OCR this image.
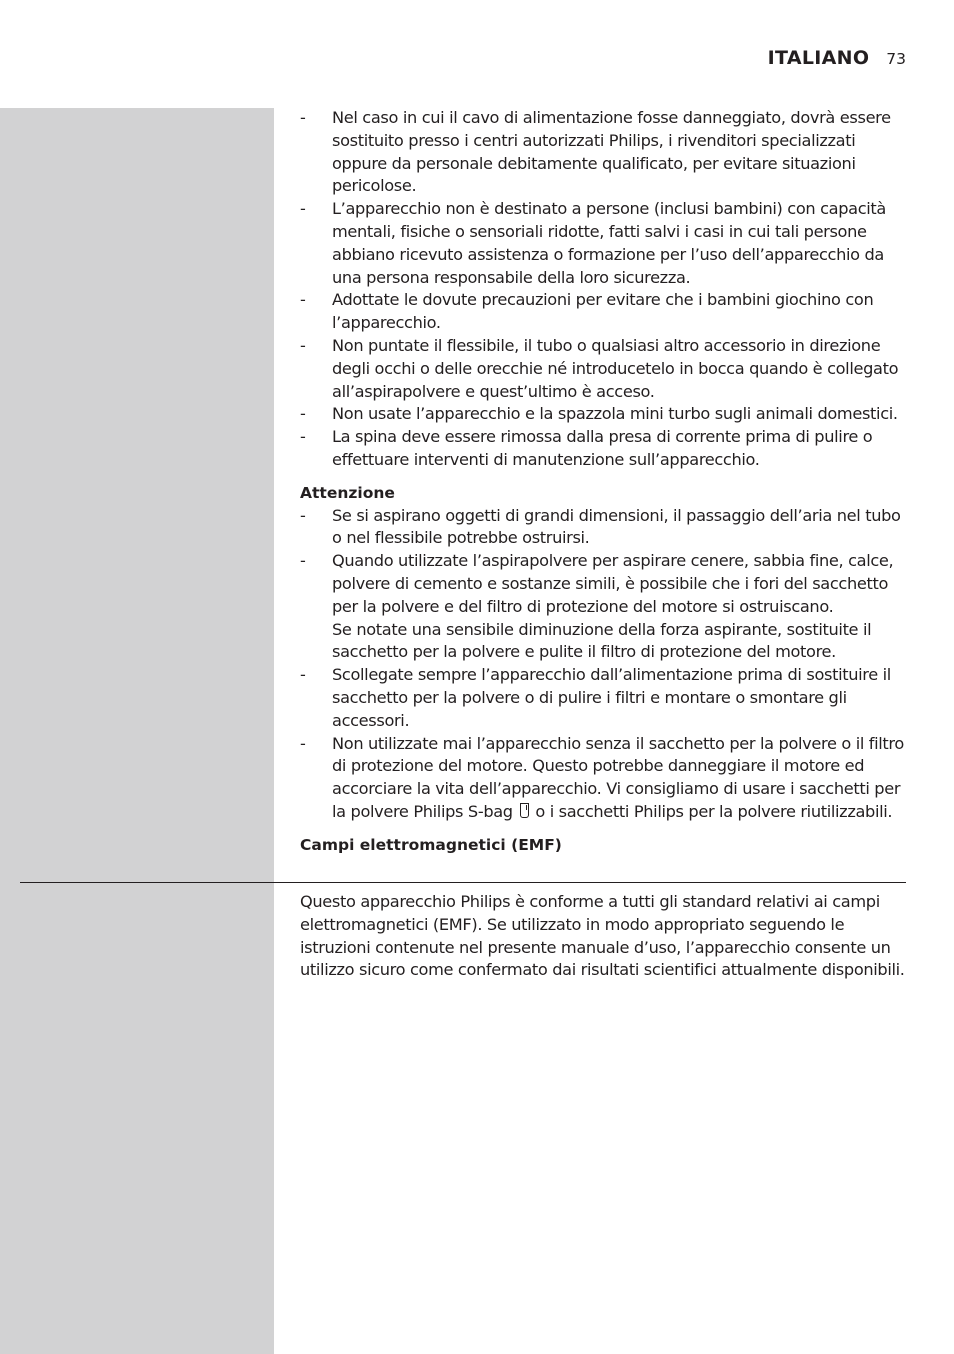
ITALIANO 73
- Nel caso in cui il cavo di alimentazione fosse danneggiato, dovrà essere sostituito presso i centri autorizzati Philips, i rivenditori specializzati oppure da personale debitamente qualificato, per evitare situazioni pericolose.
- L’apparecchio non è destinato a persone (inclusi bambini) con capacità mentali, fisiche o sensoriali ridotte, fatti salvi i casi in cui tali persone abbiano ricevuto assistenza o formazione per l’uso dell’apparecchio da una persona responsabile della loro sicurezza.
- Adottate le dovute precauzioni per evitare che i bambini giochino con l’apparecchio.
- Non puntate il flessibile, il tubo o qualsiasi altro accessorio in direzione degli occhi o delle orecchie né introducetelo in bocca quando è collegato all’aspirapolvere e quest’ultimo è acceso.
- Non usate l’apparecchio e la spazzola mini turbo sugli animali domestici.
- La spina deve essere rimossa dalla presa di corrente prima di pulire o effettuare interventi di manutenzione sull’apparecchio.
Attenzione
- Se si aspirano oggetti di grandi dimensioni, il passaggio dell’aria nel tubo o nel flessibile potrebbe ostruirsi.
- Quando utilizzate l’aspirapolvere per aspirare cenere, sabbia fine, calce, polvere di cemento e sostanze simili, è possibile che i fori del sacchetto per la polvere e del filtro di protezione del motore si ostruiscano.
Se notate una sensibile diminuzione della forza aspirante, sostituite il sacchetto per la polvere e pulite il filtro di protezione del motore.
- Scollegate sempre l’apparecchio dall’alimentazione prima di sostituire il sacchetto per la polvere o di pulire i filtri e montare o smontare gli accessori.
- Non utilizzate mai l’apparecchio senza il sacchetto per la polvere o il filtro di protezione del motore. Questo potrebbe danneggiare il motore ed accorciare la vita dell’apparecchio. Vi consigliamo di usare i sacchetti per la polvere Philips S-bag o i sacchetti Philips per la polvere riutilizzabili.
Campi elettromagnetici (EMF)
Questo apparecchio Philips è conforme a tutti gli standard relativi ai campi elettromagnetici (EMF). Se utilizzato in modo appropriato seguendo le istruzioni contenute nel presente manuale d’uso, l’apparecchio consente un utilizzo sicuro come confermato dai risultati scientifici attualmente disponibili.
